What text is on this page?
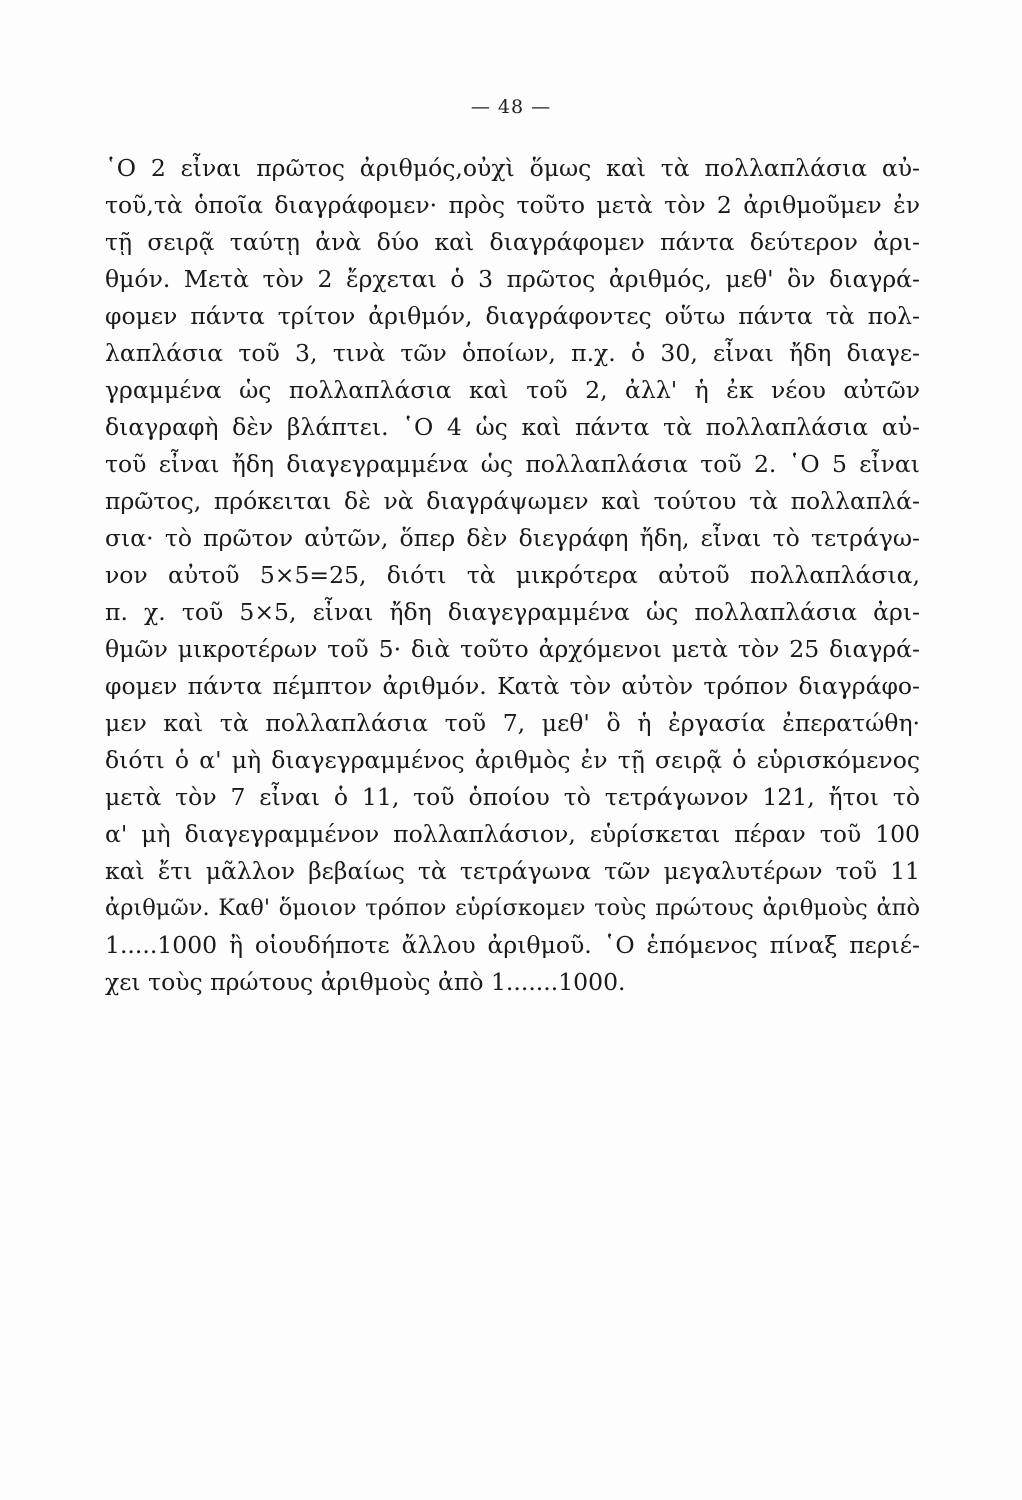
— 48 —
῾Ο 2 εἶναι πρῶτος ἀριθμός,οὐχὶ ὅμως καὶ τὰ πολλαπλάσια αὐ-
τοῦ,τὰ ὁποῖα διαγράφομεν· πρὸς τοῦτο μετὰ τὸν 2 ἀριθμοῦμεν ἐν
τῇ σειρᾷ ταύτῃ ἀνὰ δύο καὶ διαγράφομεν πάντα δεύτερον ἀρι-
θμόν. Μετὰ τὸν 2 ἔρχεται ὁ 3 πρῶτος ἀριθμός, μεθ' ὃν διαγρά-
φομεν πάντα τρίτον ἀριθμόν, διαγράφοντες οὕτω πάντα τὰ πολ-
λαπλάσια τοῦ 3, τινὰ τῶν ὁποίων, π.χ. ὁ 30, εἶναι ἤδη διαγε-
γραμμένα ὡς πολλαπλάσια καὶ τοῦ 2, ἀλλ' ἡ ἐκ νέου αὐτῶν
διαγραφὴ δὲν βλάπτει. ῾Ο 4 ὡς καὶ πάντα τὰ πολλαπλάσια αὐ-
τοῦ εἶναι ἤδη διαγεγραμμένα ὡς πολλαπλάσια τοῦ 2. ῾Ο 5 εἶναι
πρῶτος, πρόκειται δὲ νὰ διαγράψωμεν καὶ τούτου τὰ πολλαπλά-
σια· τὸ πρῶτον αὐτῶν, ὅπερ δὲν διεγράφη ἤδη, εἶναι τὸ τετράγω-
νον αὐτοῦ 5×5=25, διότι τὰ μικρότερα αὐτοῦ πολλαπλάσια,
π. χ. τοῦ 5×5, εἶναι ἤδη διαγεγραμμένα ὡς πολλαπλάσια ἀρι-
θμῶν μικροτέρων τοῦ 5· διὰ τοῦτο ἀρχόμενοι μετὰ τὸν 25 διαγρά-
φομεν πάντα πέμπτον ἀριθμόν. Κατὰ τὸν αὐτὸν τρόπον διαγράφο-
μεν καὶ τὰ πολλαπλάσια τοῦ 7, μεθ' ὃ ἡ ἐργασία ἐπερατώθη·
διότι ὁ α' μὴ διαγεγραμμένος ἀριθμὸς ἐν τῇ σειρᾷ ὁ εὑρισκόμενος
μετὰ τὸν 7 εἶναι ὁ 11, τοῦ ὁποίου τὸ τετράγωνον 121, ἤτοι τὸ
α' μὴ διαγεγραμμένον πολλαπλάσιον, εὑρίσκεται πέραν τοῦ 100
καὶ ἔτι μᾶλλον βεβαίως τὰ τετράγωνα τῶν μεγαλυτέρων τοῦ 11
ἀριθμῶν. Καθ' ὅμοιον τρόπον εὑρίσκομεν τοὺς πρώτους ἀριθμοὺς ἀπὸ
1.....1000 ἢ οἱουδήποτε ἄλλου ἀριθμοῦ. ῾Ο ἑπόμενος πίναξ περιέ-
χει τοὺς πρώτους ἀριθμοὺς ἀπὸ 1.......1000.
